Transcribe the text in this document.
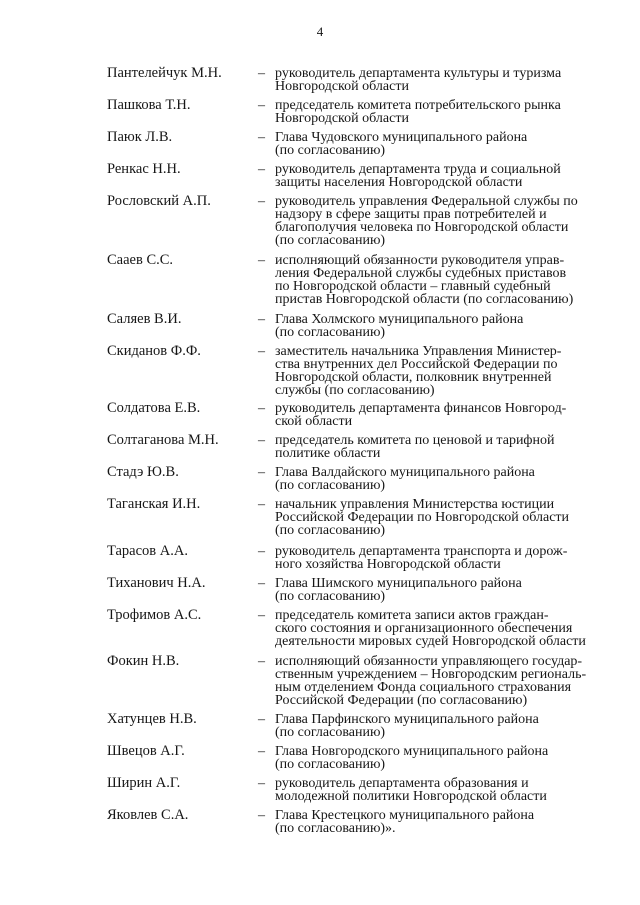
4
Пантелейчук М.Н.	– руководитель департамента культуры и туризма
Новгородской области
Пашкова Т.Н.	– председатель комитета потребительского рынка
Новгородской области
Паюк Л.В.	– Глава Чудовского муниципального района
(по согласованию)
Ренкас Н.Н.	– руководитель департамента труда и социальной
защиты населения Новгородской области
Рословский А.П.	– руководитель управления Федеральной службы по
надзору в сфере защиты прав потребителей и
благополучия человека по Новгородской области
(по согласованию)
Сааев С.С.	– исполняющий обязанности руководителя управ-
ления Федеральной службы судебных приставов
по Новгородской области – главный судебный
пристав Новгородской области (по согласованию)
Саляев В.И.	– Глава Холмского муниципального района
(по согласованию)
Скиданов Ф.Ф.	– заместитель начальника Управления Министер-
ства внутренних дел Российской Федерации по
Новгородской области, полковник внутренней
службы (по согласованию)
Солдатова Е.В.	– руководитель департамента финансов Новгород-
ской области
Солтаганова М.Н.	– председатель комитета по ценовой и тарифной
политике области
Стадэ Ю.В.	– Глава Валдайского муниципального района
(по согласованию)
Таганская И.Н.	– начальник управления Министерства юстиции
Российской Федерации по Новгородской области
(по согласованию)
Тарасов А.А.	– руководитель департамента транспорта и дорож-
ного хозяйства Новгородской области
Тиханович Н.А.	– Глава Шимского муниципального района
(по согласованию)
Трофимов А.С.	– председатель комитета записи актов граждан-
ского состояния и организационного обеспечения
деятельности мировых судей Новгородской области
Фокин Н.В.	– исполняющий обязанности управляющего государ-
ственным учреждением – Новгородским региональ-
ным отделением Фонда социального страхования
Российской Федерации (по согласованию)
Хатунцев Н.В.	– Глава Парфинского муниципального района
(по согласованию)
Швецов А.Г.	– Глава Новгородского муниципального района
(по согласованию)
Ширин А.Г.	– руководитель департамента образования и
молодежной политики Новгородской области
Яковлев С.А.	– Глава Крестецкого муниципального района
(по согласованию)».
